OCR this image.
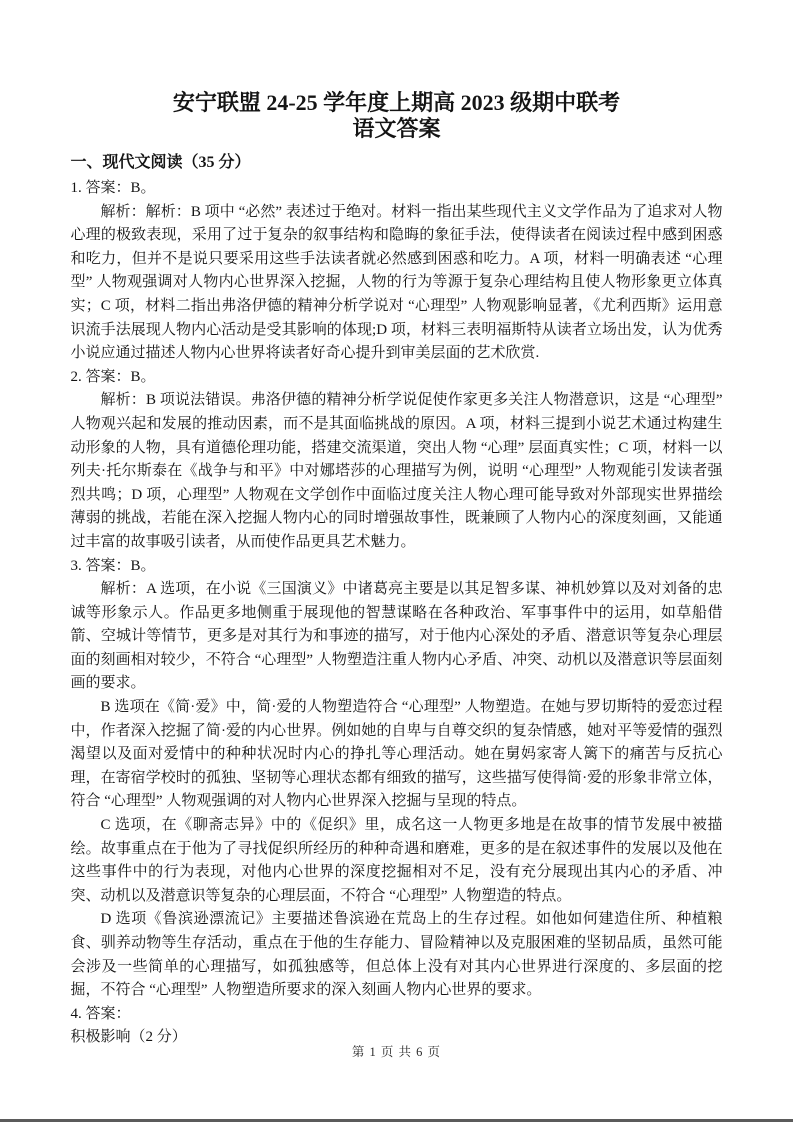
安宁联盟 24-25 学年度上期高 2023 级期中联考
语文答案
一、现代文阅读（35 分）

1. 答案：B。

解析：解析：B 项中 “必然” 表述过于绝对。材料一指出某些现代主义文学作品为了追求对人物心理的极致表现，采用了过于复杂的叙事结构和隐晦的象征手法，使得读者在阅读过程中感到困惑和吃力，但并不是说只要采用这些手法读者就必然感到困惑和吃力。A 项，材料一明确表述 “心理型” 人物观强调对人物内心世界深入挖掘，人物的行为等源于复杂心理结构且使人物形象更立体真实；C 项，材料二指出弗洛伊德的精神分析学说对 “心理型” 人物观影响显著，《尤利西斯》运用意识流手法展现人物内心活动是受其影响的体现;D 项，材料三表明福斯特从读者立场出发，认为优秀小说应通过描述人物内心世界将读者好奇心提升到审美层面的艺术欣赏.

2. 答案：B。

解析：B 项说法错误。弗洛伊德的精神分析学说促使作家更多关注人物潜意识，这是 “心理型” 人物观兴起和发展的推动因素，而不是其面临挑战的原因。A 项，材料三提到小说艺术通过构建生动形象的人物，具有道德伦理功能，搭建交流渠道，突出人物 “心理” 层面真实性；C 项，材料一以列夫·托尔斯泰在《战争与和平》中对娜塔莎的心理描写为例，说明 “心理型” 人物观能引发读者强烈共鸣；D 项，心理型” 人物观在文学创作中面临过度关注人物心理可能导致对外部现实世界描绘薄弱的挑战，若能在深入挖掘人物内心的同时增强故事性，既兼顾了人物内心的深度刻画，又能通过丰富的故事吸引读者，从而使作品更具艺术魅力。

3. 答案：B。

解析：A 选项，在小说《三国演义》中诸葛亮主要是以其足智多谋、神机妙算以及对刘备的忠诚等形象示人。作品更多地侧重于展现他的智慧谋略在各种政治、军事事件中的运用，如草船借箭、空城计等情节，更多是对其行为和事迹的描写，对于他内心深处的矛盾、潜意识等复杂心理层面的刻画相对较少，不符合 “心理型” 人物塑造注重人物内心矛盾、冲突、动机以及潜意识等层面刻画的要求。

B 选项在《简·爱》中，简·爱的人物塑造符合 “心理型” 人物塑造。在她与罗切斯特的爱恋过程中，作者深入挖掘了简·爱的内心世界。例如她的自卑与自尊交织的复杂情感，她对平等爱情的强烈渴望以及面对爱情中的种种状况时内心的挣扎等心理活动。她在舅妈家寄人篱下的痛苦与反抗心理，在寄宿学校时的孤独、坚韧等心理状态都有细致的描写，这些描写使得简·爱的形象非常立体，符合 “心理型” 人物观强调的对人物内心世界深入挖掘与呈现的特点。

C 选项，在《聊斋志异》中的《促织》里，成名这一人物更多地是在故事的情节发展中被描绘。故事重点在于他为了寻找促织所经历的种种奇遇和磨难，更多的是在叙述事件的发展以及他在这些事件中的行为表现，对他内心世界的深度挖掘相对不足，没有充分展现出其内心的矛盾、冲突、动机以及潜意识等复杂的心理层面，不符合 “心理型” 人物塑造的特点。

D 选项《鲁滨逊漂流记》主要描述鲁滨逊在荒岛上的生存过程。如他如何建造住所、种植粮食、驯养动物等生存活动，重点在于他的生存能力、冒险精神以及克服困难的坚韧品质，虽然可能会涉及一些简单的心理描写，如孤独感等，但总体上没有对其内心世界进行深度的、多层面的挖掘，不符合 “心理型” 人物塑造所要求的深入刻画人物内心世界的要求。

4. 答案：

积极影响（2 分）

第 1 页 共 6 页
